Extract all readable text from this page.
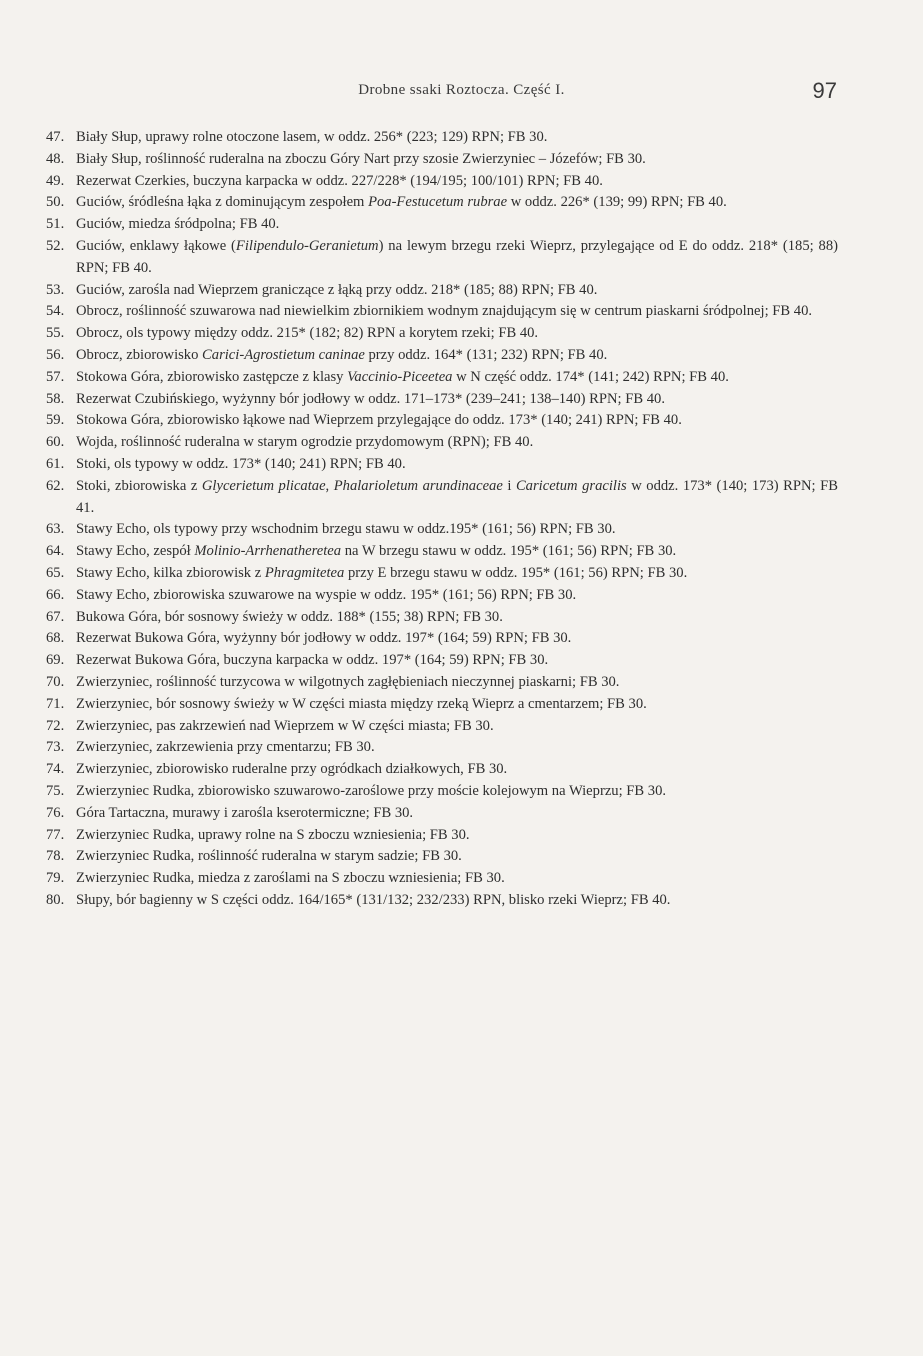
Drobne ssaki Roztocza. Część I.	97
47. Biały Słup, uprawy rolne otoczone lasem, w oddz. 256* (223; 129) RPN; FB 30.
48. Biały Słup, roślinność ruderalna na zboczu Góry Nart przy szosie Zwierzyniec – Józefów; FB 30.
49. Rezerwat Czerkies, buczyna karpacka w oddz. 227/228* (194/195; 100/101) RPN; FB 40.
50. Guciów, śródleśna łąka z dominującym zespołem Poa-Festucetum rubrae w oddz. 226* (139; 99) RPN; FB 40.
51. Guciów, miedza śródpolna; FB 40.
52. Guciów, enklawy łąkowe (Filipendulo-Geranietum) na lewym brzegu rzeki Wieprz, przylegające od E do oddz. 218* (185; 88) RPN; FB 40.
53. Guciów, zarośla nad Wieprzem graniczące z łąką przy oddz. 218* (185; 88) RPN; FB 40.
54. Obrocz, roślinność szuwarowa nad niewielkim zbiornikiem wodnym znajdującym się w centrum piaskarni śródpolnej; FB 40.
55. Obrocz, ols typowy między oddz. 215* (182; 82) RPN a korytem rzeki; FB 40.
56. Obrocz, zbiorowisko Carici-Agrostietum caninae przy oddz. 164* (131; 232) RPN; FB 40.
57. Stokowa Góra, zbiorowisko zastępcze z klasy Vaccinio-Piceetea w N część oddz. 174* (141; 242) RPN; FB 40.
58. Rezerwat Czubińskiego, wyżynny bór jodłowy w oddz. 171–173* (239–241; 138–140) RPN; FB 40.
59. Stokowa Góra, zbiorowisko łąkowe nad Wieprzem przylegające do oddz. 173* (140; 241) RPN; FB 40.
60. Wojda, roślinność ruderalna w starym ogrodzie przydomowym (RPN); FB 40.
61. Stoki, ols typowy w oddz. 173* (140; 241) RPN; FB 40.
62. Stoki, zbiorowiska z Glycerietum plicatae, Phalarioletum arundinaceae i Caricetum gracilis w oddz. 173* (140; 173) RPN; FB 41.
63. Stawy Echo, ols typowy przy wschodnim brzegu stawu w oddz.195* (161; 56) RPN; FB 30.
64. Stawy Echo, zespół Molinio-Arrhenatheretea na W brzegu stawu w oddz. 195* (161; 56) RPN; FB 30.
65. Stawy Echo, kilka zbiorowisk z Phragmitetea przy E brzegu stawu w oddz. 195* (161; 56) RPN; FB 30.
66. Stawy Echo, zbiorowiska szuwarowe na wyspie w oddz. 195* (161; 56) RPN; FB 30.
67. Bukowa Góra, bór sosnowy świeży w oddz. 188* (155; 38) RPN; FB 30.
68. Rezerwat Bukowa Góra, wyżynny bór jodłowy w oddz. 197* (164; 59) RPN; FB 30.
69. Rezerwat Bukowa Góra, buczyna karpacka w oddz. 197* (164; 59) RPN; FB 30.
70. Zwierzyniec, roślinność turzycowa w wilgotnych zagłębieniach nieczynnej piaskarni; FB 30.
71. Zwierzyniec, bór sosnowy świeży w W części miasta między rzeką Wieprz a cmentarzem; FB 30.
72. Zwierzyniec, pas zakrzewień nad Wieprzem w W części miasta; FB 30.
73. Zwierzyniec, zakrzewienia przy cmentarzu; FB 30.
74. Zwierzyniec, zbiorowisko ruderalne przy ogródkach działkowych, FB 30.
75. Zwierzyniec Rudka, zbiorowisko szuwarowo-zaroślowe przy moście kolejowym na Wieprzu; FB 30.
76. Góra Tartaczna, murawy i zarośla kserotermiczne; FB 30.
77. Zwierzyniec Rudka, uprawy rolne na S zboczu wzniesienia; FB 30.
78. Zwierzyniec Rudka, roślinność ruderalna w starym sadzie; FB 30.
79. Zwierzyniec Rudka, miedza z zaroślami na S zboczu wzniesienia; FB 30.
80. Słupy, bór bagienny w S części oddz. 164/165* (131/132; 232/233) RPN, blisko rzeki Wieprz; FB 40.
